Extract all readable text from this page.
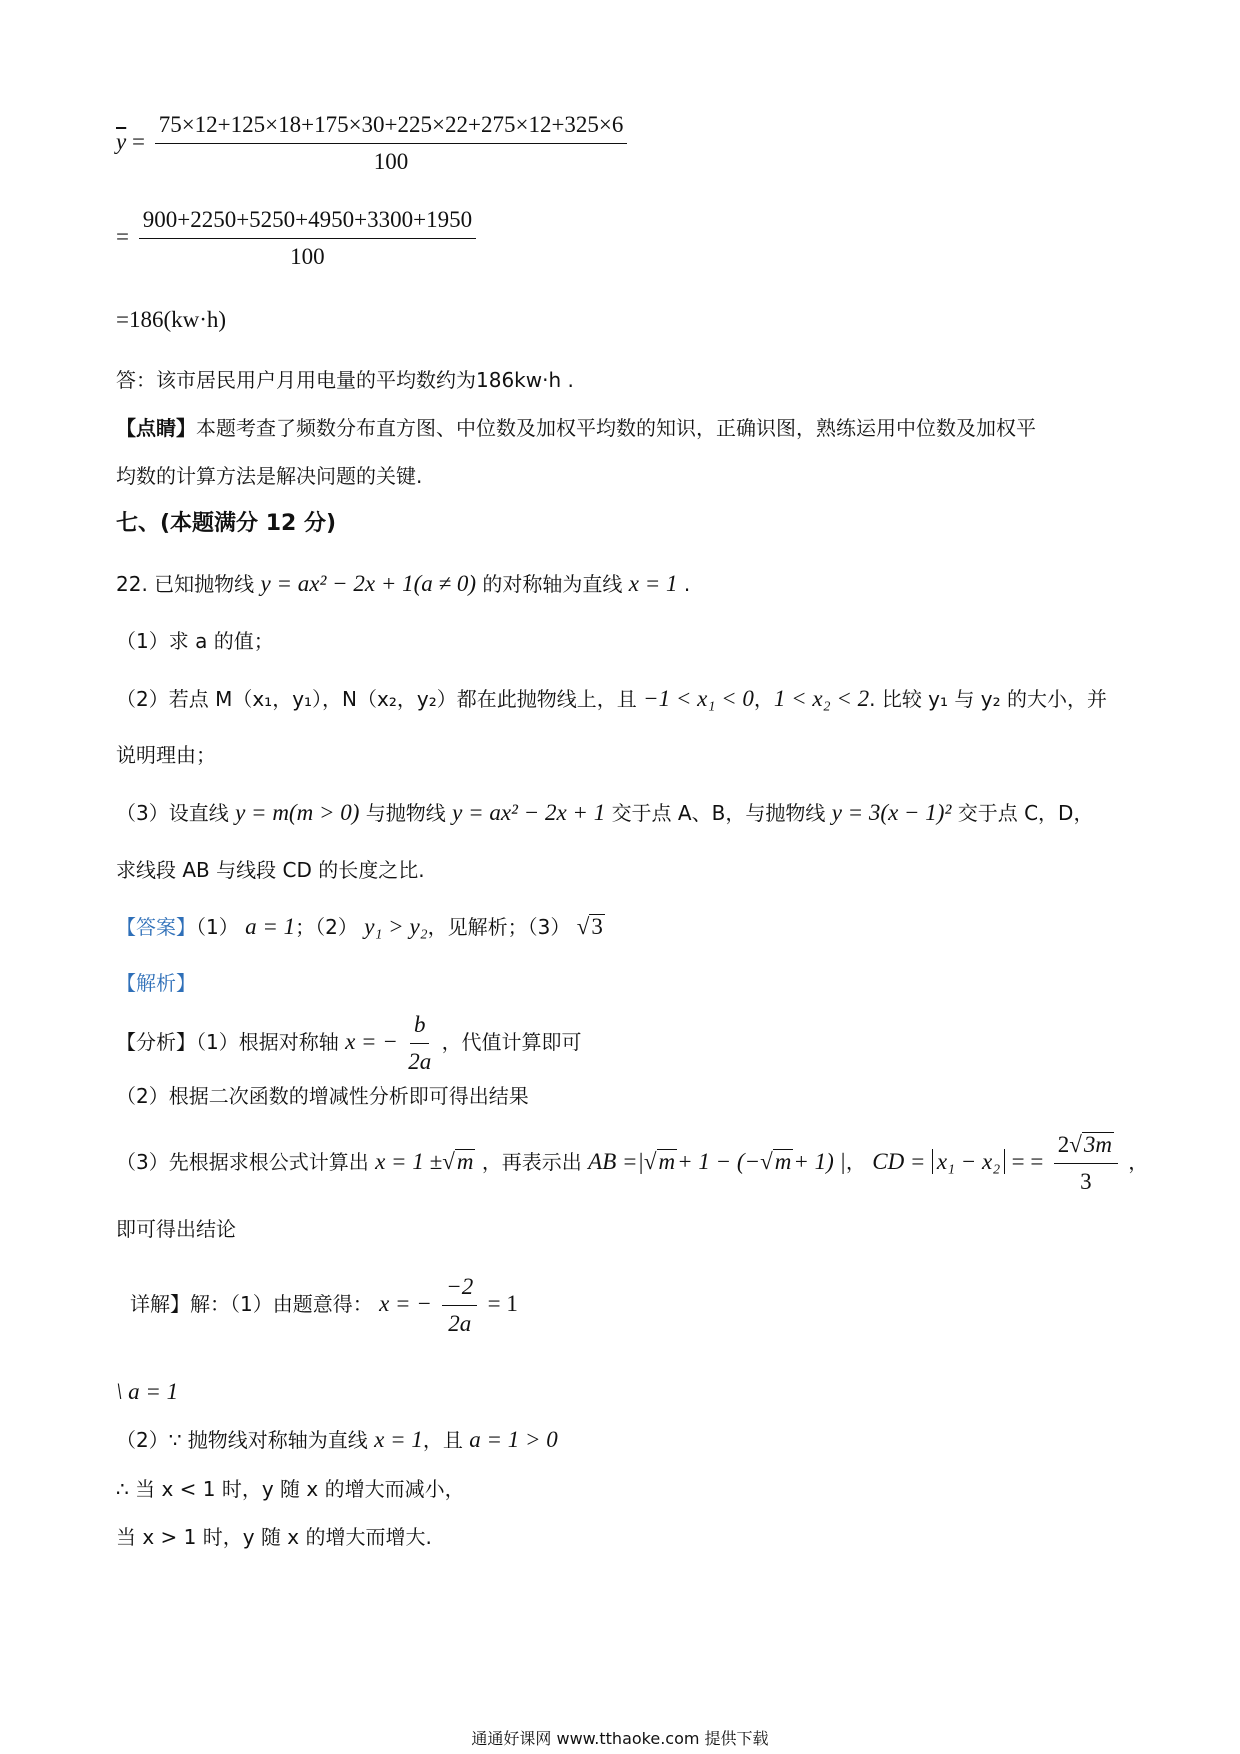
$\overline{y} = \frac{75\times 12+125\times 18+175\times 30+225\times 22+275\times 12+325\times 6}{100}$
= $\frac{900+2250+5250+4950+3300+1950}{100}$
=186(kw·h)
答：该市居民用户月用电量的平均数约为186kw·h .
【点睛】本题考查了频数分布直方图、中位数及加权平均数的知识，正确识图，熟练运用中位数及加权平
均数的计算方法是解决问题的关键.
七、(本题满分 12 分)
22. 已知抛物线 y = ax² − 2x + 1(a ≠ 0) 的对称轴为直线 x = 1 .
（1）求 a 的值；
（2）若点 M（x₁，y₁），N（x₂，y₂）都在此抛物线上，且 −1 < x₁ < 0，1 < x₂ < 2. 比较 y₁ 与 y₂ 的大小，并
说明理由；
（3）设直线 y = m(m > 0) 与抛物线 y = ax² − 2x + 1 交于点 A、B，与抛物线 y = 3(x − 1)² 交于点 C，D，
求线段 AB 与线段 CD 的长度之比.
【答案】（1） a = 1；（2） y₁ > y₂，见解析；（3） √3
【解析】
【分析】（1）根据对称轴 x = − $\frac{b}{2a}$ ，代值计算即可
（2）根据二次函数的增减性分析即可得出结果
（3）先根据求根公式计算出 x = 1 ±√m ，再表示出 AB =|√m+ 1 − (−√m+ 1) |， CD = x₁ − x₂ = = $\frac{2√3m}{3}$ ，
即可得出结论
详解】解：（1）由题意得： x = − $\frac{-2}{2a} = 1$
\ a = 1
（2）∵ 抛物线对称轴为直线 x = 1，且 a = 1 > 0
∴ 当 x < 1 时，y 随 x 的增大而减小，
当 x > 1 时，y 随 x 的增大而增大.
通通好课网 www.tthaoke.com 提供下载
